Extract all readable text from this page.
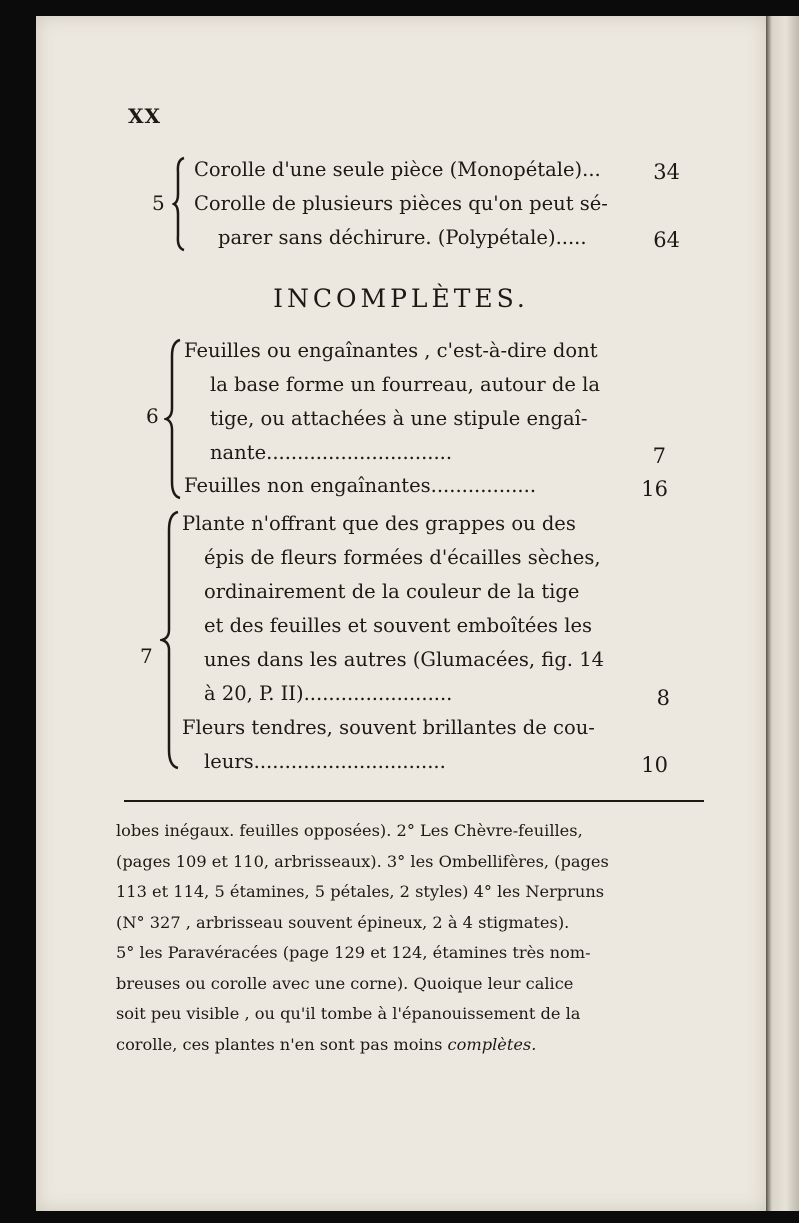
XX
5
Corolle d'une seule pièce (Monopétale)...	34
Corolle de plusieurs pièces qu'on peut sé-
parer sans déchirure. (Polypétale).....	64
INCOMPLÈTES.
6
Feuilles ou engaînantes , c'est-à-dire dont
la base forme un fourreau, autour de la
tige, ou attachées à une stipule engaî-
nante..............................	7
Feuilles non engaînantes.................	16
7
Plante n'offrant que des grappes ou des
épis de fleurs formées d'écailles sèches,
ordinairement de la couleur de la tige
et des feuilles et souvent emboîtées les
unes dans les autres (Glumacées, fig. 14
à 20, P. II)........................	8
Fleurs tendres, souvent brillantes de cou-
leurs...............................	10

lobes inégaux. feuilles opposées). 2° Les Chèvre-feuilles,

(pages 109 et 110, arbrisseaux). 3° les Ombellifères, (pages

113 et 114, 5 étamines, 5 pétales, 2 styles) 4° les Nerpruns

(N° 327 , arbrisseau souvent épineux, 2 à 4 stigmates).

5° les Paravéracées (page 129 et 124, étamines très nom-

breuses ou corolle avec une corne). Quoique leur calice

soit peu visible , ou qu'il tombe à l'épanouissement de la

corolle, ces plantes n'en sont pas moins complètes.
